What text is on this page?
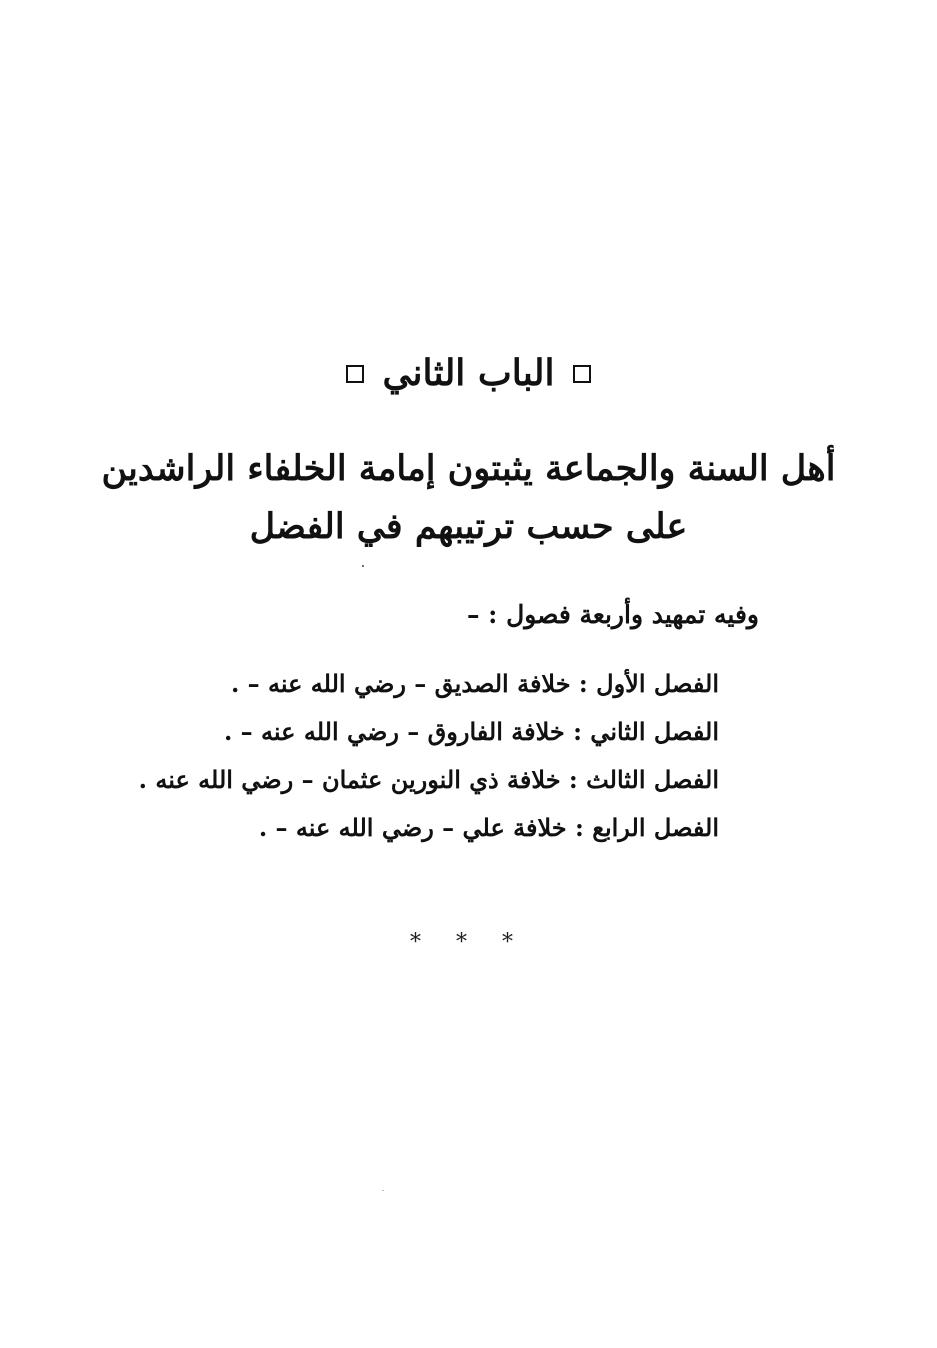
الباب الثاني
أهل السنة والجماعة يثبتون إمامة الخلفاء الراشدين
على حسب ترتيبهم في الفضل
وفيه تمهيد وأربعة فصول : –
الفصل الأول : خلافة الصديق – رضي الله عنه – .
الفصل الثاني : خلافة الفاروق – رضي الله عنه – .
الفصل الثالث : خلافة ذي النورين عثمان – رضي الله عنه .
الفصل الرابع : خلافة علي – رضي الله عنه – .
* * *
